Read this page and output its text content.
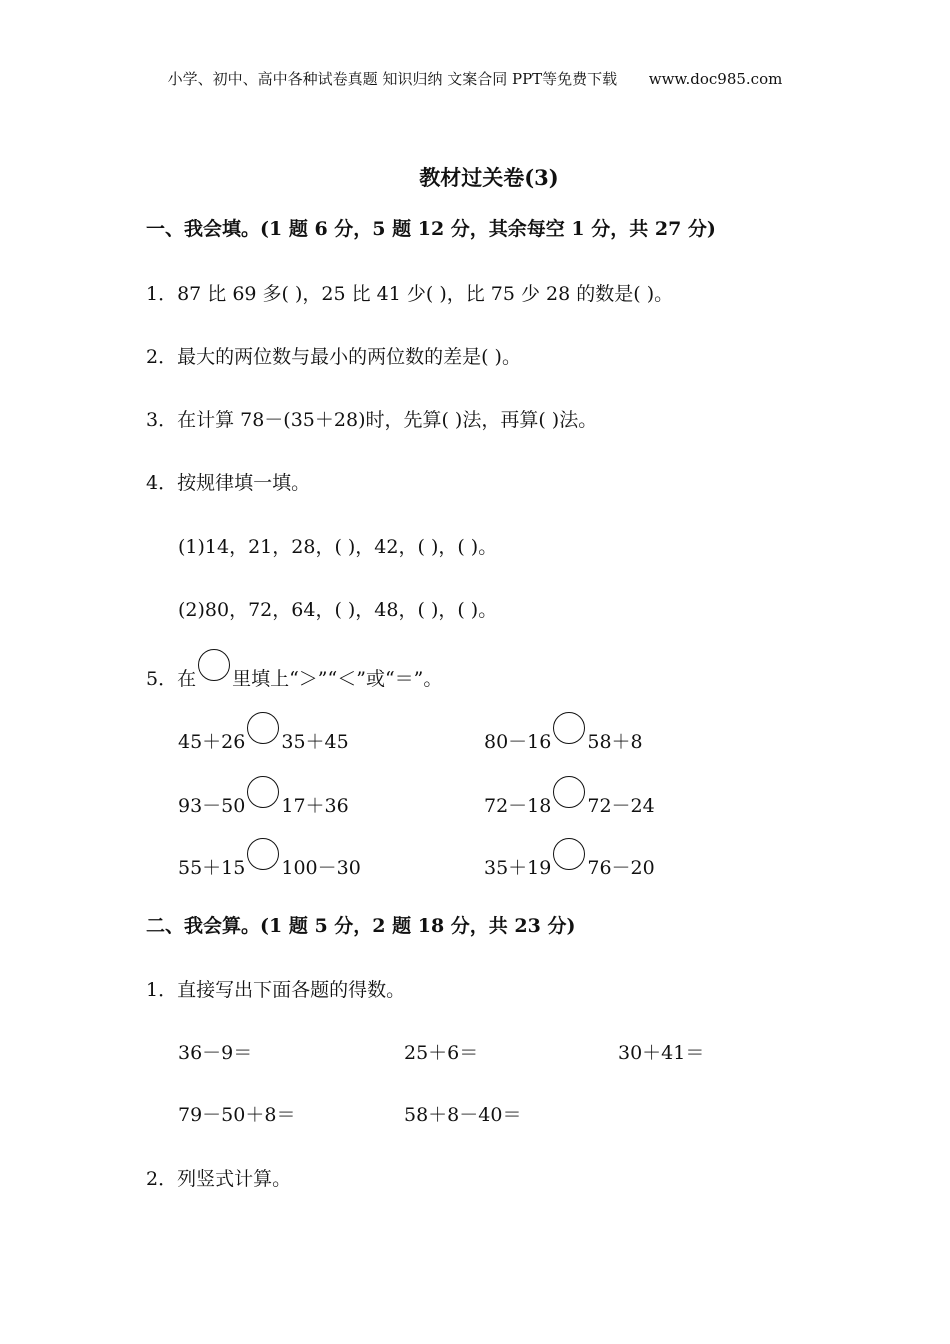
小学、初中、高中各种试卷真题 知识归纳 文案合同 PPT等免费下载 www.doc985.com
教材过关卷(3)
一、我会填。(1 题 6 分，5 题 12 分，其余每空 1 分，共 27 分)
1．87 比 69 多( )，25 比 41 少( )，比 75 少 28 的数是( )。
2．最大的两位数与最小的两位数的差是( )。
3．在计算 78－(35＋28)时，先算( )法，再算( )法。
4．按规律填一填。
(1)14，21，28，( )，42，( )，( )。
(2)80，72，64，( )，48，( )，( )。
5．在 里填上“＞”“＜”或“＝”。
45＋26 35＋45	80－16 58＋8
93－50 17＋36	72－18 72－24
55＋15 100－30	35＋19 76－20
二、我会算。(1 题 5 分，2 题 18 分，共 23 分)
1．直接写出下面各题的得数。
36－9＝	25＋6＝	30＋41＝
79－50＋8＝	58＋8－40＝
2．列竖式计算。
